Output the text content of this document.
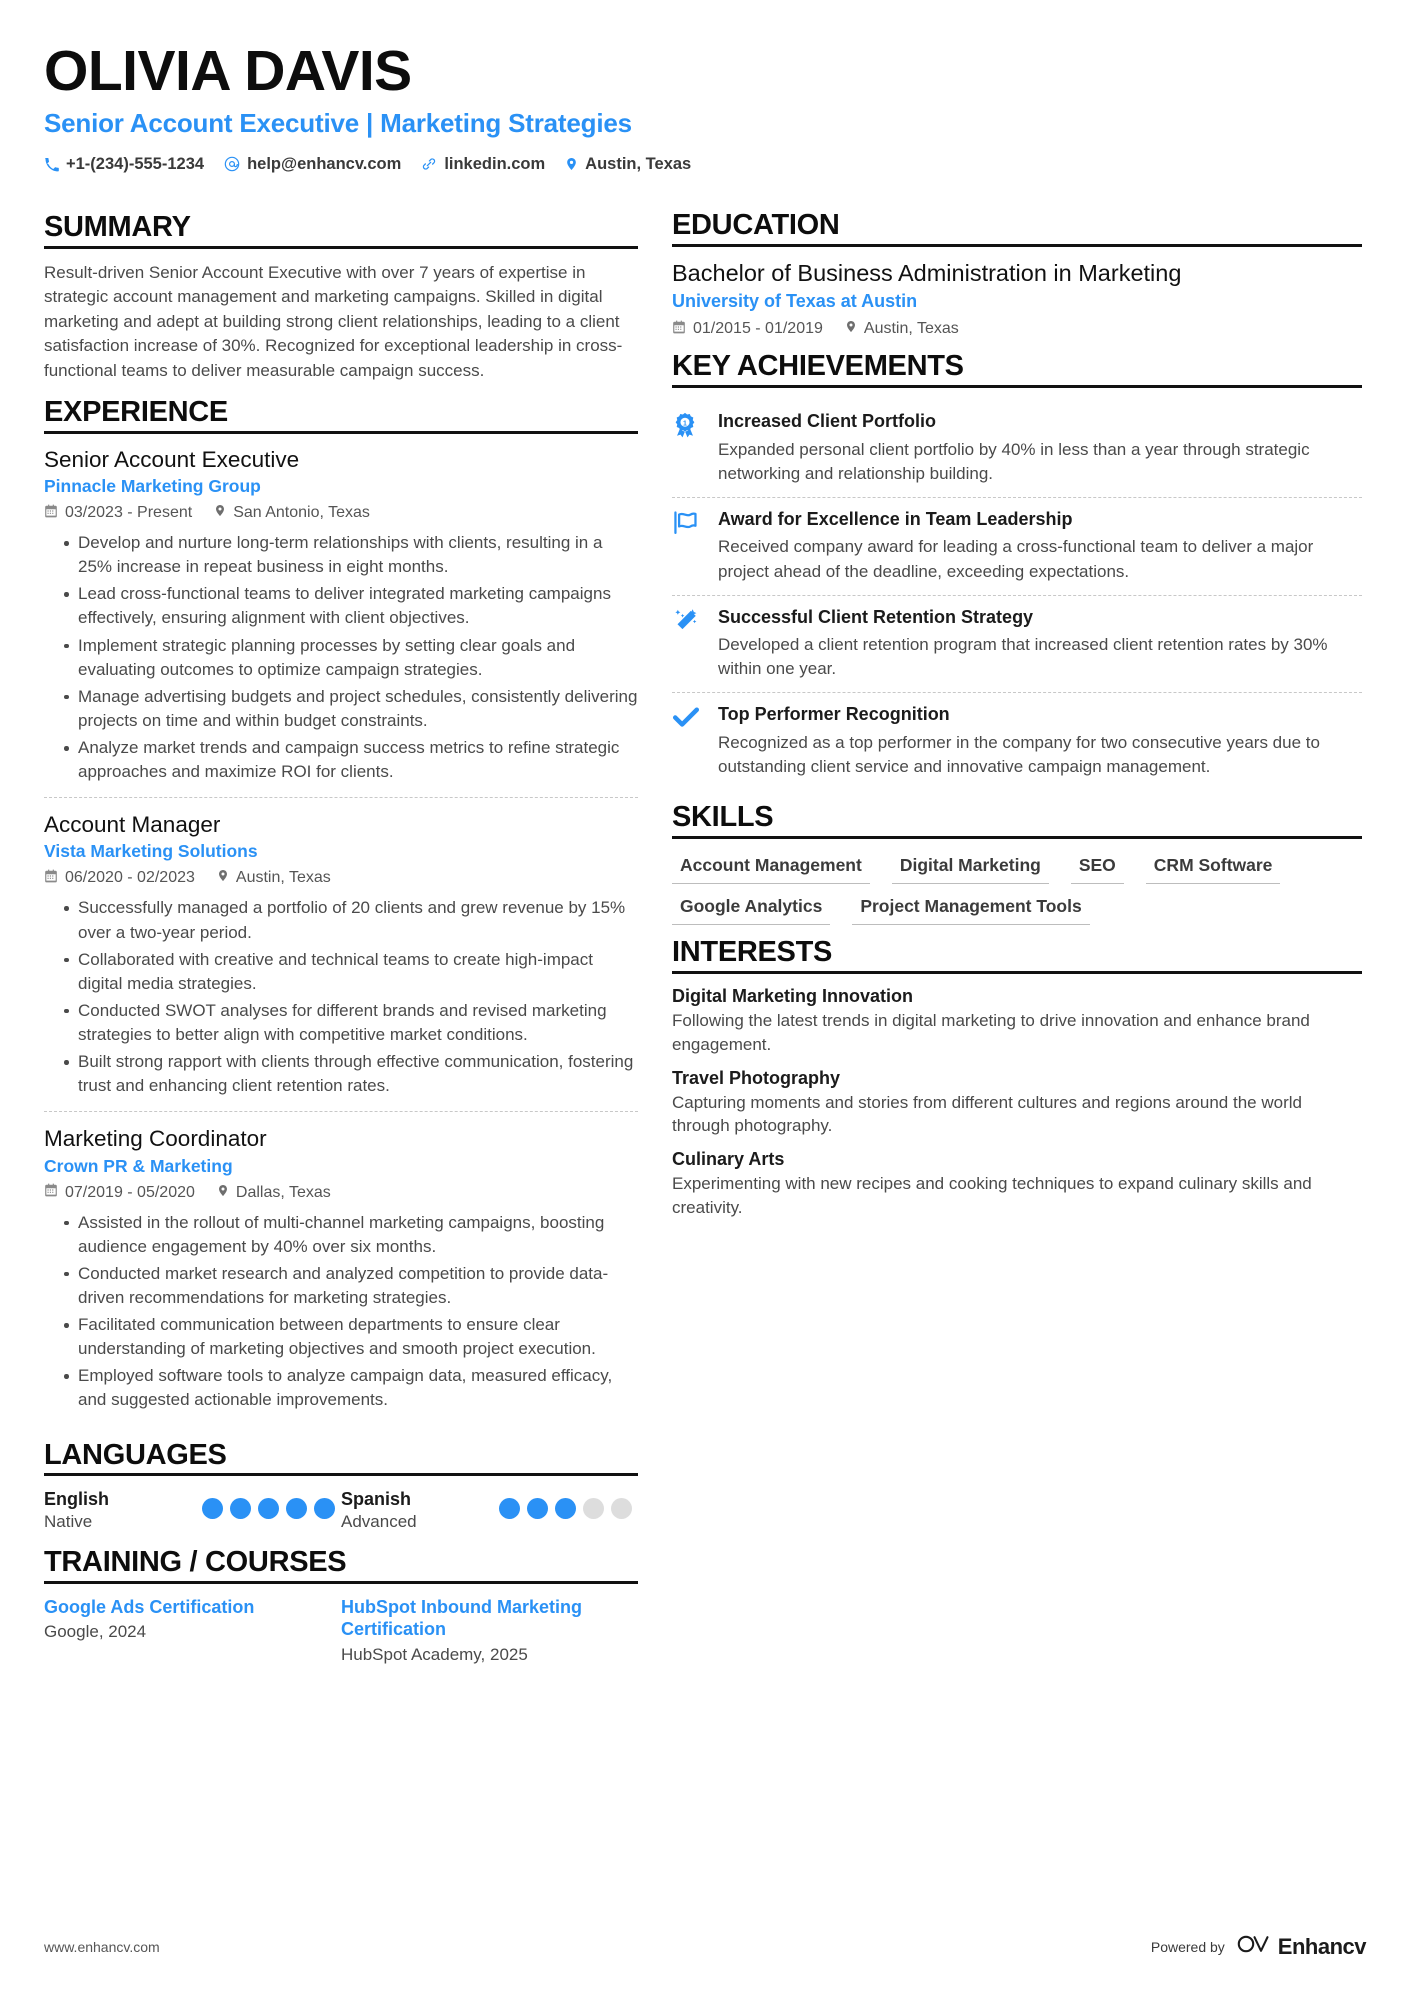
OLIVIA DAVIS
Senior Account Executive | Marketing Strategies
+1-(234)-555-1234	help@enhancv.com	linkedin.com Austin, Texas
SUMMARY
Result-driven Senior Account Executive with over 7 years of expertise in strategic account management and marketing campaigns. Skilled in digital marketing and adept at building strong client relationships, leading to a client satisfaction increase of 30%. Recognized for exceptional leadership in cross-functional teams to deliver measurable campaign success.
EXPERIENCE
Senior Account Executive
Pinnacle Marketing Group
03/2023 - Present	San Antonio, Texas
Develop and nurture long-term relationships with clients, resulting in a 25% increase in repeat business in eight months.
Lead cross-functional teams to deliver integrated marketing campaigns effectively, ensuring alignment with client objectives.
Implement strategic planning processes by setting clear goals and evaluating outcomes to optimize campaign strategies.
Manage advertising budgets and project schedules, consistently delivering projects on time and within budget constraints.
Analyze market trends and campaign success metrics to refine strategic approaches and maximize ROI for clients.
Account Manager
Vista Marketing Solutions
06/2020 - 02/2023	Austin, Texas
Successfully managed a portfolio of 20 clients and grew revenue by 15% over a two-year period.
Collaborated with creative and technical teams to create high-impact digital media strategies.
Conducted SWOT analyses for different brands and revised marketing strategies to better align with competitive market conditions.
Built strong rapport with clients through effective communication, fostering trust and enhancing client retention rates.
Marketing Coordinator
Crown PR & Marketing
07/2019 - 05/2020	Dallas, Texas
Assisted in the rollout of multi-channel marketing campaigns, boosting audience engagement by 40% over six months.
Conducted market research and analyzed competition to provide data-driven recommendations for marketing strategies.
Facilitated communication between departments to ensure clear understanding of marketing objectives and smooth project execution.
Employed software tools to analyze campaign data, measured efficacy, and suggested actionable improvements.
LANGUAGES
English
Native
Spanish
Advanced
TRAINING / COURSES
Google Ads Certification
Google, 2024
HubSpot Inbound Marketing Certification
HubSpot Academy, 2025
EDUCATION
Bachelor of Business Administration in Marketing
University of Texas at Austin
01/2015 - 01/2019	Austin, Texas
KEY ACHIEVEMENTS
1 Increased Client Portfolio
Expanded personal client portfolio by 40% in less than a year through strategic networking and relationship building.
Award for Excellence in Team Leadership
Received company award for leading a cross-functional team to deliver a major project ahead of the deadline, exceeding expectations.
Successful Client Retention Strategy
Developed a client retention program that increased client retention rates by 30% within one year.
Top Performer Recognition
Recognized as a top performer in the company for two consecutive years due to outstanding client service and innovative campaign management.
SKILLS
Account Management	Digital Marketing	SEO	CRM Software
Google Analytics	Project Management Tools
INTERESTS
Digital Marketing Innovation
Following the latest trends in digital marketing to drive innovation and enhance brand engagement.
Travel Photography
Capturing moments and stories from different cultures and regions around the world through photography.
Culinary Arts
Experimenting with new recipes and cooking techniques to expand culinary skills and creativity.
www.enhancv.com	Powered by Enhancv
